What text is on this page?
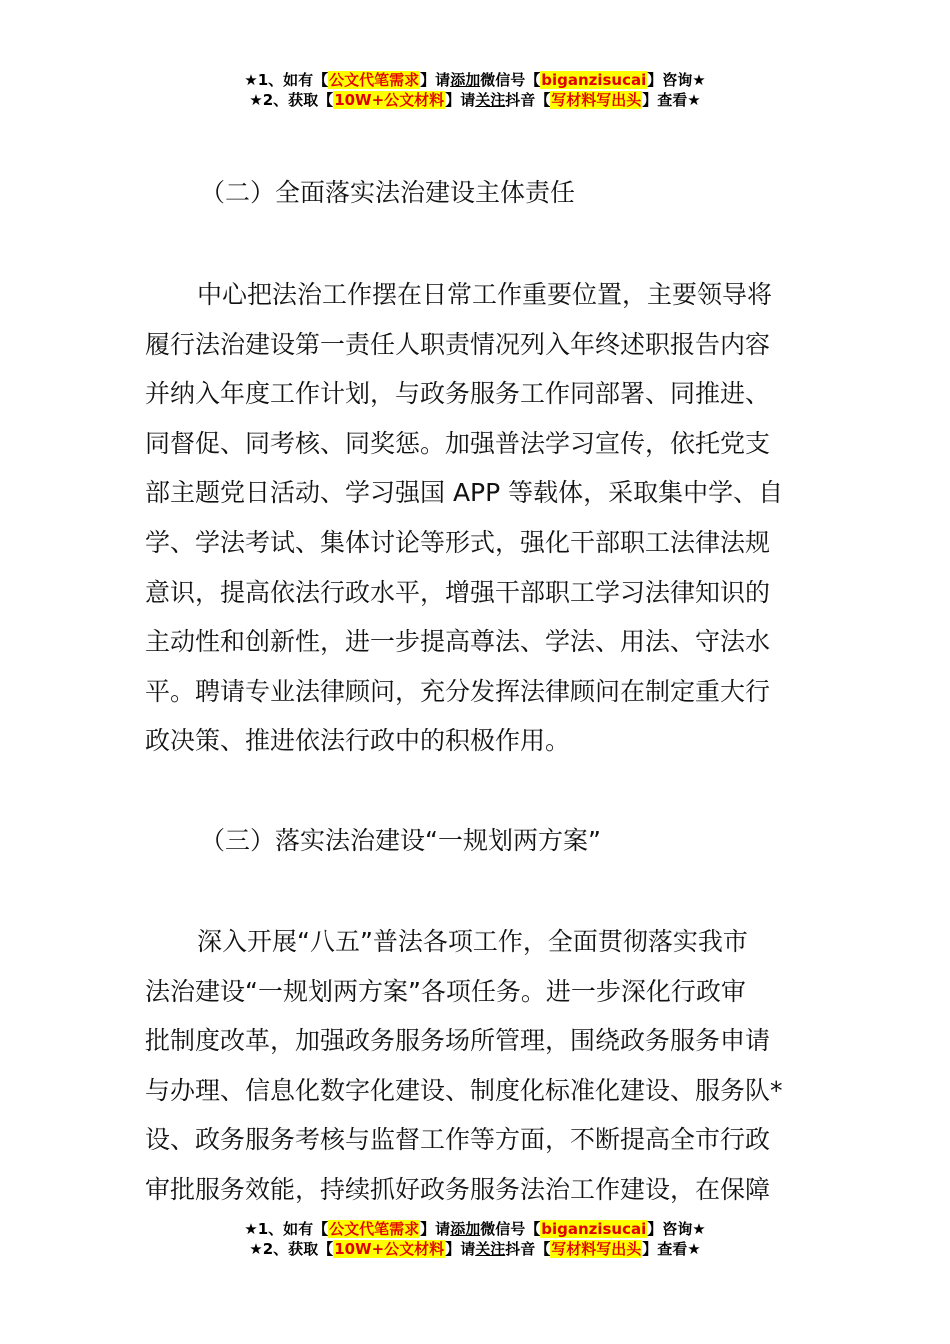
★1、如有【公文代笔需求】请添加微信号【biganzisucai】咨询★
★2、获取【10W+公文材料】请关注抖音【写材料写出头】查看★
（二）全面落实法治建设主体责任
中心把法治工作摆在日常工作重要位置，主要领导将
履行法治建设第一责任人职责情况列入年终述职报告内容
并纳入年度工作计划，与政务服务工作同部署、同推进、
同督促、同考核、同奖惩。加强普法学习宣传，依托党支
部主题党日活动、学习强国 APP 等载体，采取集中学、自
学、学法考试、集体讨论等形式，强化干部职工法律法规
意识，提高依法行政水平，增强干部职工学习法律知识的
主动性和创新性，进一步提高尊法、学法、用法、守法水
平。聘请专业法律顾问，充分发挥法律顾问在制定重大行
政决策、推进依法行政中的积极作用。
（三）落实法治建设“一规划两方案”
深入开展“八五”普法各项工作，全面贯彻落实我市
法治建设“一规划两方案”各项任务。进一步深化行政审
批制度改革，加强政务服务场所管理，围绕政务服务申请
与办理、信息化数字化建设、制度化标准化建设、服务队*
设、政务服务考核与监督工作等方面，不断提高全市行政
审批服务效能，持续抓好政务服务法治工作建设，在保障
★1、如有【公文代笔需求】请添加微信号【biganzisucai】咨询★
★2、获取【10W+公文材料】请关注抖音【写材料写出头】查看★
